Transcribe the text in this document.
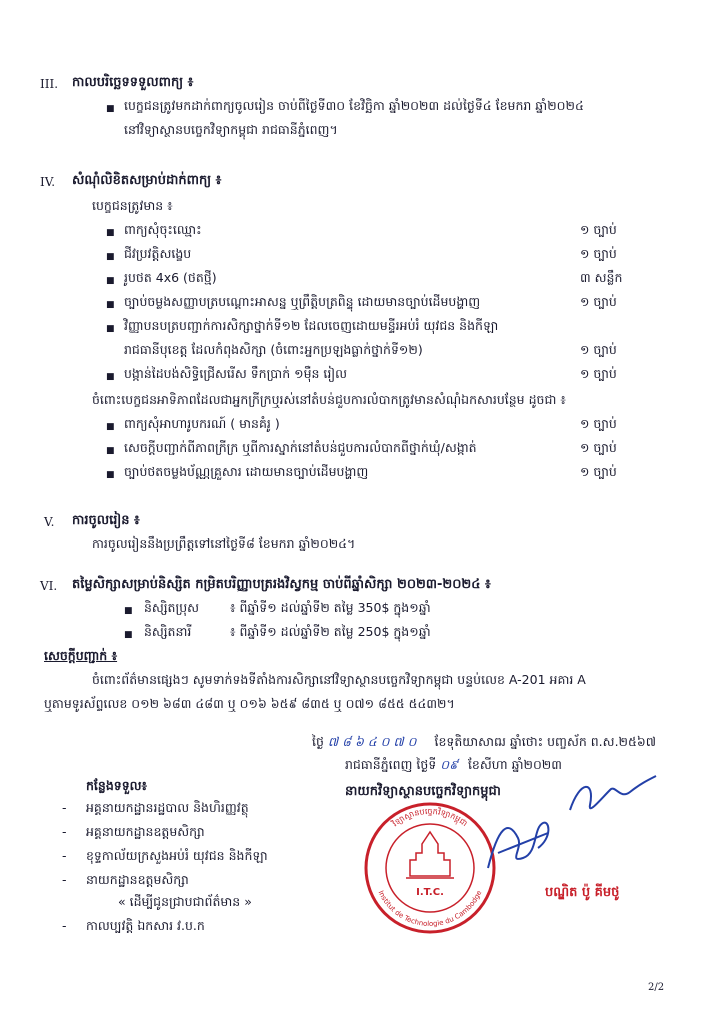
III. កាលបរិច្ឆេទទទួលពាក្យ ៖
■ បេក្ខជនត្រូវមកដាក់ពាក្យចូលរៀន ចាប់ពីថ្ងៃទី៣០ ខែវិច្ឆិកា ឆ្នាំ២០២៣ ដល់ថ្ងៃទី៤ ខែមករា ឆ្នាំ២០២៤
នៅវិទ្យាស្ថានបច្ចេកវិទ្យាកម្ពុជា រាជធានីភ្នំពេញ។
IV. សំណុំលិខិតសម្រាប់ដាក់ពាក្យ ៖
បេក្ខជនត្រូវមាន ៖
■ ពាក្យសុំចុះឈ្មោះ	១ ច្បាប់
■ ជីវប្រវត្តិសង្ខេប	១ ច្បាប់
■ រូបថត 4x6 (ថតថ្មី)	៣ សន្លឹក
■ ច្បាប់ចម្លងសញ្ញាបត្របណ្ដោះអាសន្ន ឬព្រឹត្តិបត្រពិន្ទុ ដោយមានច្បាប់ដើមបង្ហាញ	១ ច្បាប់
■ វិញ្ញាបនបត្របញ្ជាក់ការសិក្សាថ្នាក់ទី១២ ដែលចេញដោយមន្ទីរអប់រំ យុវជន និងកីឡា
រាជធានីបុខេត្ត ដែលកំពុងសិក្សា (ចំពោះអ្នកប្រឡងធ្លាក់ថ្នាក់ទី១២)	១ ច្បាប់
■ បង្កាន់ដៃបង់សិទ្ធិជ្រើសរើស ទឹកប្រាក់ ១ម៉ឺន រៀល	១ ច្បាប់
ចំពោះបេក្ខជនអាទិភាពដែលជាអ្នកក្រីក្រឬរស់នៅតំបន់ជួបការលំបាកត្រូវមានសំណុំឯកសារបន្ថែម ដូចជា ៖
■ ពាក្យសុំអាហារូបករណ៍ ( មានគំរូ )	១ ច្បាប់
■ សេចក្ដីបញ្ជាក់ពីភាពក្រីក្រ ឬពីការស្នាក់នៅតំបន់ជួបការលំបាកពីថ្នាក់ឃុំ/សង្កាត់	១ ច្បាប់
■ ច្បាប់ថតចម្លងប័ណ្ណគ្រួសារ ដោយមានច្បាប់ដើមបង្ហាញ	១ ច្បាប់
V. ការចូលរៀន ៖
ការចូលរៀននឹងប្រព្រឹត្តទៅនៅថ្ងៃទី៨ ខែមករា ឆ្នាំ២០២៤។
VI. តម្លៃសិក្សាសម្រាប់និស្សិត កម្រិតបរិញ្ញាបត្ររងវិស្វកម្ម ចាប់ពីឆ្នាំសិក្សា ២០២៣-២០២៤ ៖
■ និស្សិតប្រុស ៖ ពីឆ្នាំទី១ ដល់ឆ្នាំទី២ តម្លៃ 350$ ក្នុង១ឆ្នាំ
■ និស្សិតនារី	៖ ពីឆ្នាំទី១ ដល់ឆ្នាំទី២ តម្លៃ 250$ ក្នុង១ឆ្នាំ
សេចក្ដីបញ្ជាក់ ៖
ចំពោះព័ត៌មានផ្សេងៗ សូមទាក់ទងទីតាំងការសិក្សានៅវិទ្យាស្ថានបច្ចេកវិទ្យាកម្ពុជា បន្ទប់លេខ A-201 អគារ A
ឬតាមទូរស័ព្ទលេខ ០១២ ៦៨៣ ៤៨៣ ឬ ០១៦ ៦៥៩ ៨៣៥ ឬ ០៧១ ៨៥៥ ៥៤៣២។
ថ្ងៃ ៧ ៨ ៦ ៤ ០ ៧ ០ ខែទុតិយាសាឍ ឆ្នាំថោះ បញ្ចស័ក ព.ស.២៥៦៧
រាជធានីភ្នំពេញ ថ្ងៃទី ០៩ ខែសីហា ឆ្នាំ២០២៣
នាយកវិទ្យាស្ថានបច្ចេកវិទ្យាកម្ពុជា
I.T.C.
វិទ្យាស្ថានបច្ចេកវិទ្យាកម្ពុជា
Institut de Technologie du Cambodge	បណ្ឌិត ប៉ូ គីមថូ
កន្លែងទទួល៖
- អគ្គនាយកដ្ឋានរដ្ឋបាល និងហិរញ្ញវត្ថុ
- អគ្គនាយកដ្ឋានឧត្តមសិក្សា
- ខុទ្ទកាល័យក្រសួងអប់រំ យុវជន និងកីឡា
- នាយកដ្ឋានឧត្តមសិក្សា
« ដើម្បីជូនជ្រាបជាព័ត៌មាន »
- កាលប្បវត្តិ ឯកសារ វ.ប.ក
2/2
